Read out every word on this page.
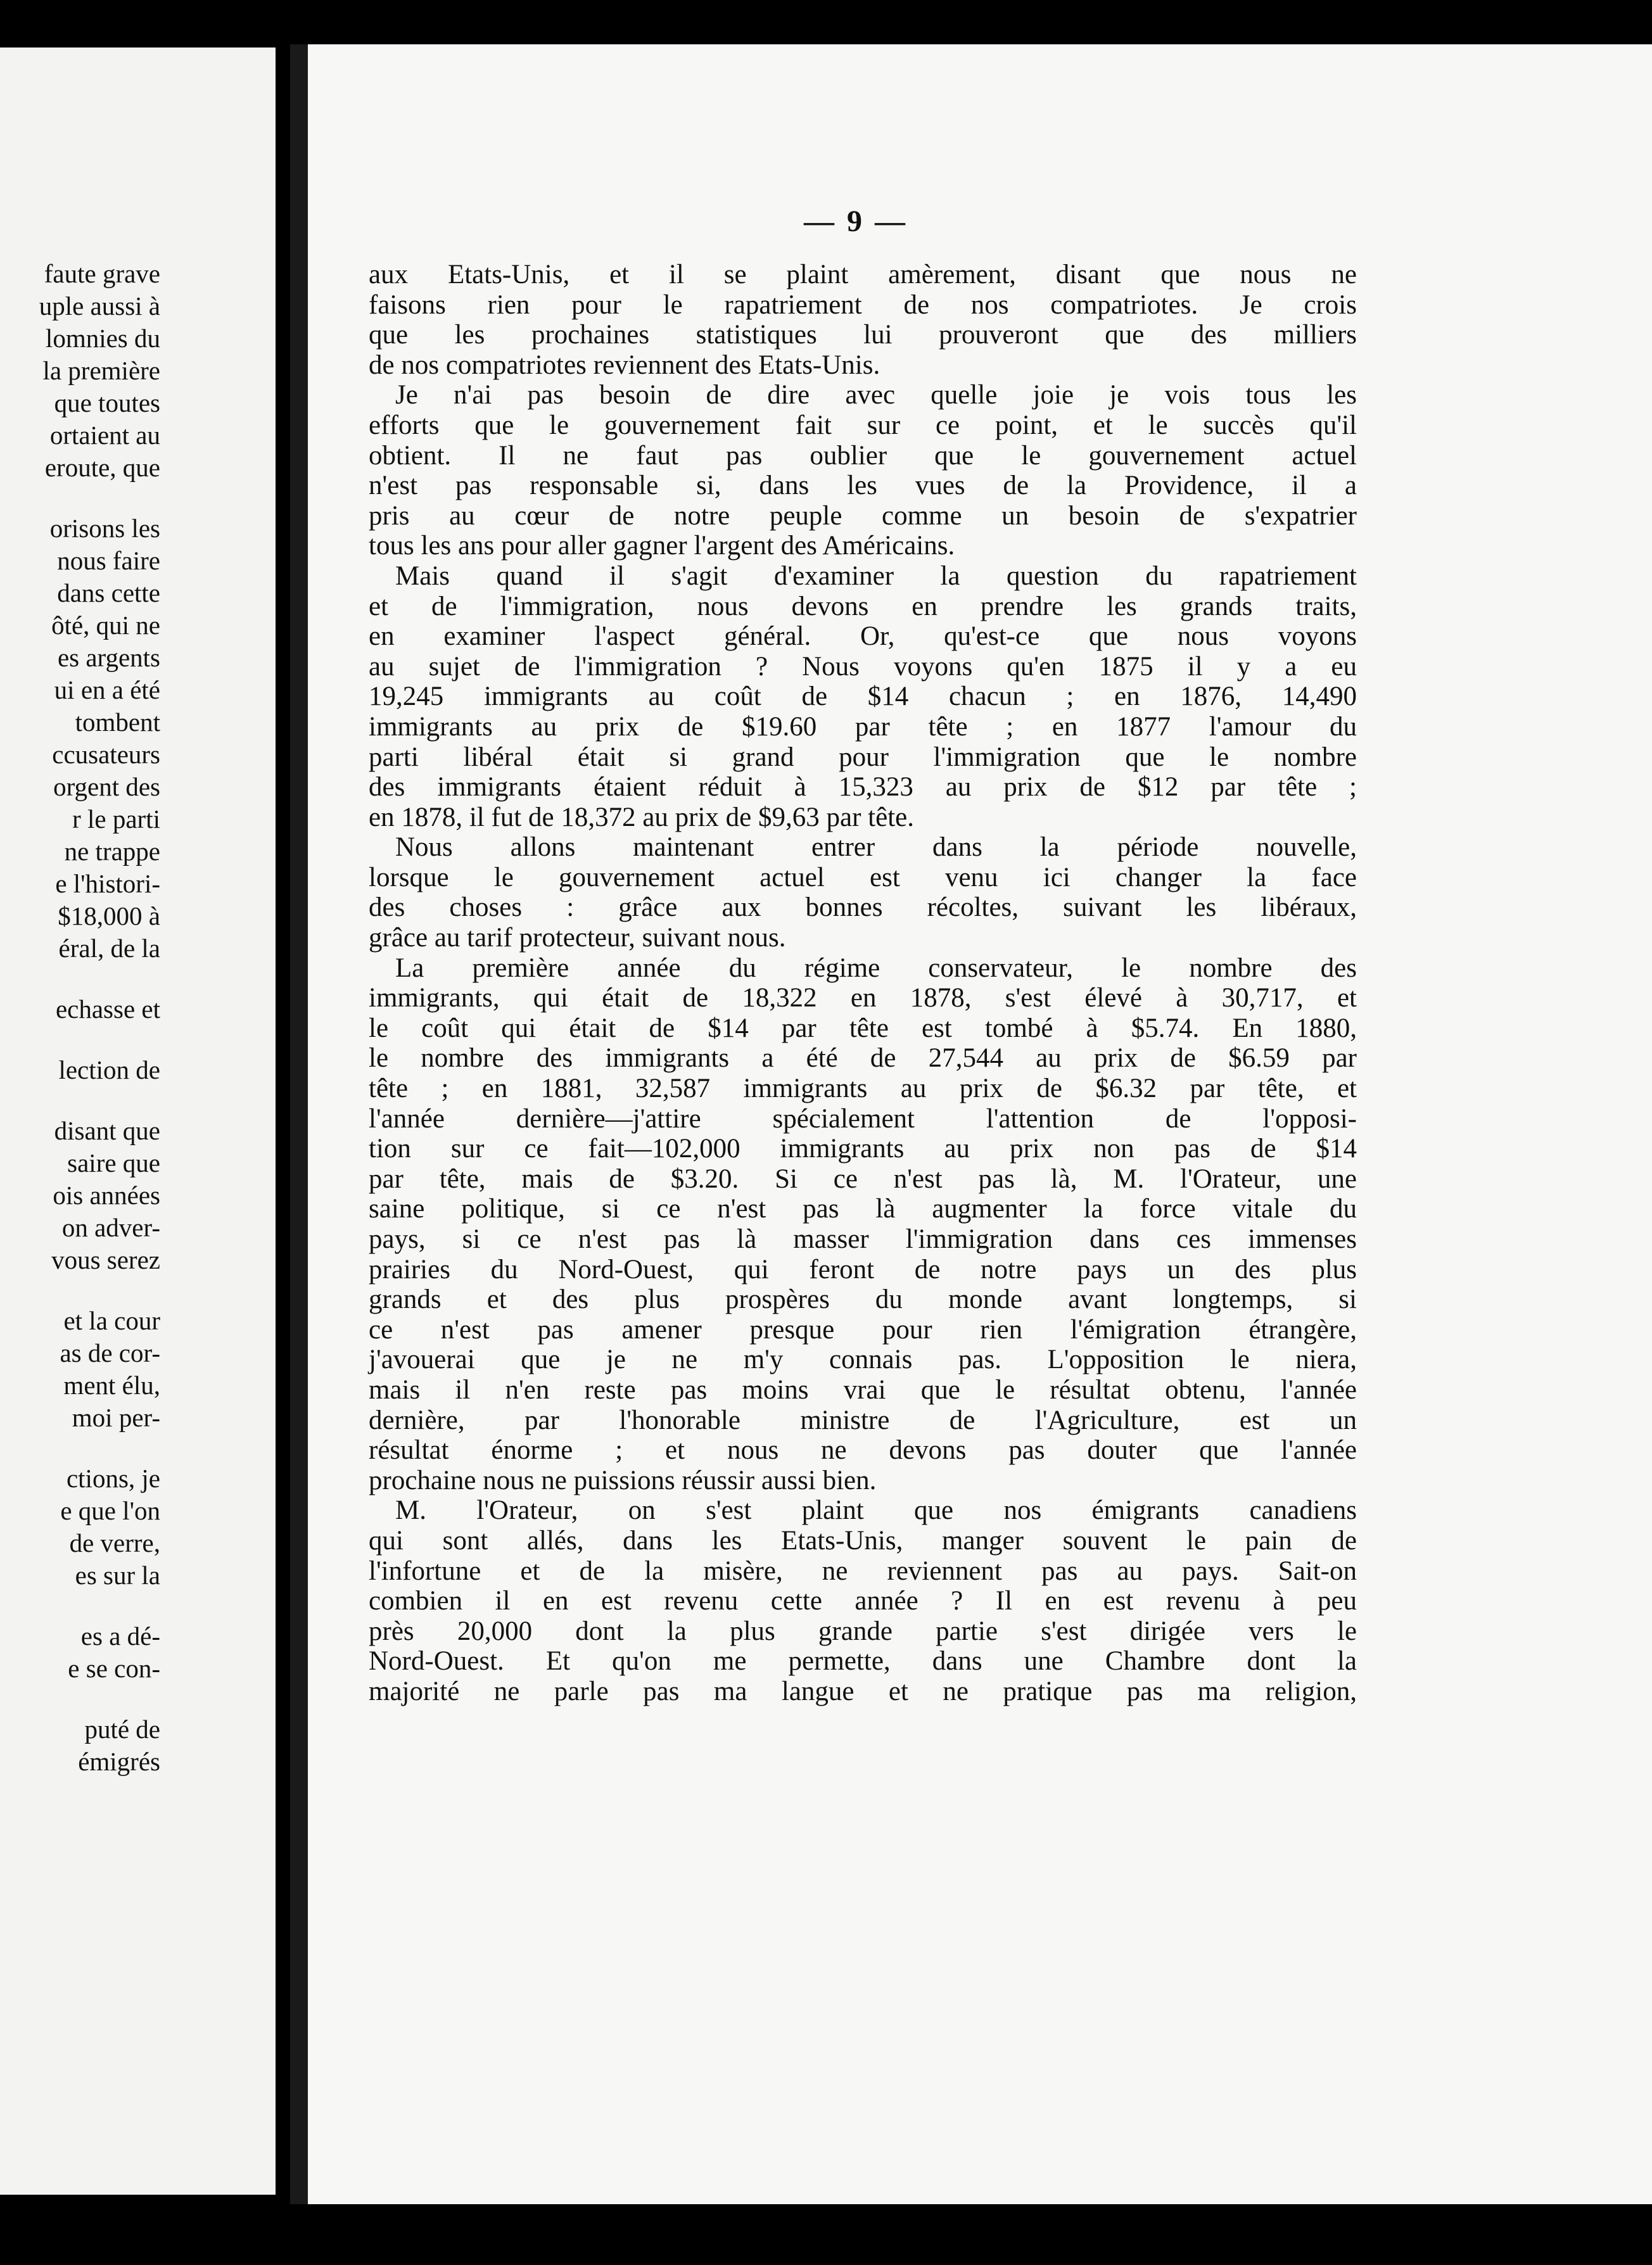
faute grave
uple aussi à
lomnies du
la première
que toutes
ortaient au
eroute, que
orisons les
nous faire
dans cette
ôté, qui ne
es argents
ui en a été
tombent
ccusateurs
orgent des
r le parti
ne trappe
e l'histori-
$18,000 à
éral, de la
echasse et
lection de
disant que
saire que
ois années
on adver-
vous serez
et la cour
as de cor-
ment élu,
moi per-
ctions, je
e que l'on
de verre,
es sur la
es a dé-
e se con-
puté de
émigrés
— 9 —
aux Etats-Unis, et il se plaint amèrement, disant que nous ne
faisons rien pour le rapatriement de nos compatriotes. Je crois
que les prochaines statistiques lui prouveront que des milliers
de nos compatriotes reviennent des Etats-Unis.
Je n'ai pas besoin de dire avec quelle joie je vois tous les
efforts que le gouvernement fait sur ce point, et le succès qu'il
obtient. Il ne faut pas oublier que le gouvernement actuel
n'est pas responsable si, dans les vues de la Providence, il a
pris au cœur de notre peuple comme un besoin de s'expatrier
tous les ans pour aller gagner l'argent des Américains.
Mais quand il s'agit d'examiner la question du rapatriement
et de l'immigration, nous devons en prendre les grands traits,
en examiner l'aspect général. Or, qu'est-ce que nous voyons
au sujet de l'immigration ? Nous voyons qu'en 1875 il y a eu
19,245 immigrants au coût de $14 chacun ; en 1876, 14,490
immigrants au prix de $19.60 par tête ; en 1877 l'amour du
parti libéral était si grand pour l'immigration que le nombre
des immigrants étaient réduit à 15,323 au prix de $12 par tête ;
en 1878, il fut de 18,372 au prix de $9,63 par tête.
Nous allons maintenant entrer dans la période nouvelle,
lorsque le gouvernement actuel est venu ici changer la face
des choses : grâce aux bonnes récoltes, suivant les libéraux,
grâce au tarif protecteur, suivant nous.
La première année du régime conservateur, le nombre des
immigrants, qui était de 18,322 en 1878, s'est élevé à 30,717, et
le coût qui était de $14 par tête est tombé à $5.74. En 1880,
le nombre des immigrants a été de 27,544 au prix de $6.59 par
tête ; en 1881, 32,587 immigrants au prix de $6.32 par tête, et
l'année dernière—j'attire spécialement l'attention de l'opposi-
tion sur ce fait—102,000 immigrants au prix non pas de $14
par tête, mais de $3.20. Si ce n'est pas là, M. l'Orateur, une
saine politique, si ce n'est pas là augmenter la force vitale du
pays, si ce n'est pas là masser l'immigration dans ces immenses
prairies du Nord-Ouest, qui feront de notre pays un des plus
grands et des plus prospères du monde avant longtemps, si
ce n'est pas amener presque pour rien l'émigration étrangère,
j'avouerai que je ne m'y connais pas. L'opposition le niera,
mais il n'en reste pas moins vrai que le résultat obtenu, l'année
dernière, par l'honorable ministre de l'Agriculture, est un
résultat énorme ; et nous ne devons pas douter que l'année
prochaine nous ne puissions réussir aussi bien.
M. l'Orateur, on s'est plaint que nos émigrants canadiens
qui sont allés, dans les Etats-Unis, manger souvent le pain de
l'infortune et de la misère, ne reviennent pas au pays. Sait-on
combien il en est revenu cette année ? Il en est revenu à peu
près 20,000 dont la plus grande partie s'est dirigée vers le
Nord-Ouest. Et qu'on me permette, dans une Chambre dont la
majorité ne parle pas ma langue et ne pratique pas ma religion,
